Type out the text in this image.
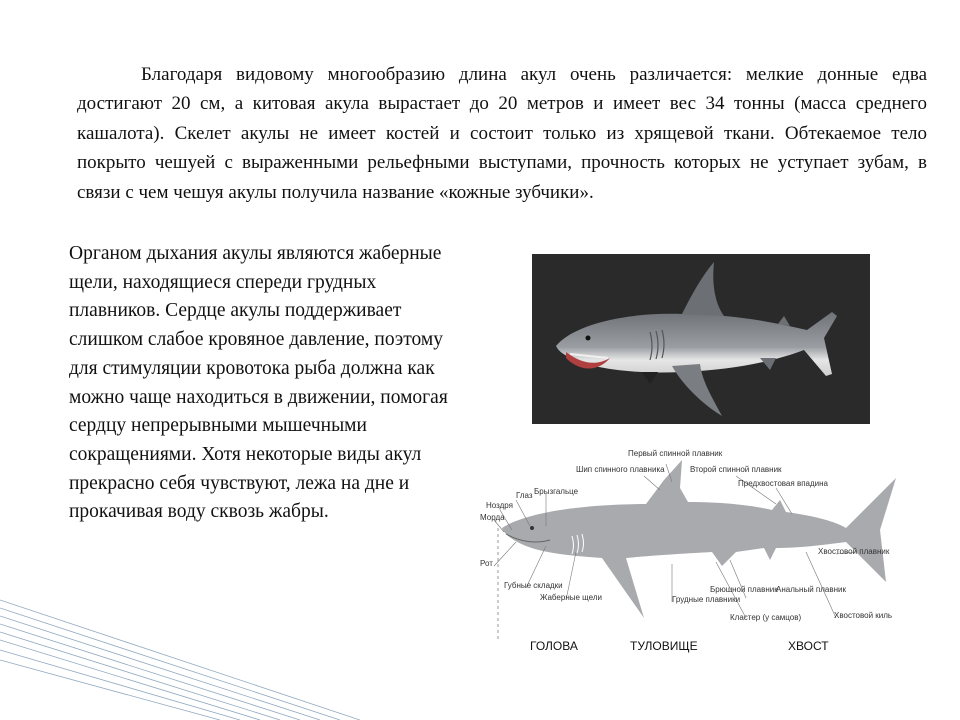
Благодаря видовому многообразию длина акул очень различается: мелкие донные едва достигают 20 см, а китовая акула вырастает до 20 метров и имеет вес 34 тонны (масса среднего кашалота). Скелет акулы не имеет костей и состоит только из хрящевой ткани. Обтекаемое тело покрыто чешуей с выраженными рельефными выступами, прочность которых не уступает зубам, в связи с чем чешуя акулы получила название «кожные зубчики».

Органом дыхания акулы являются жаберные щели, находящиеся спереди грудных плавников. Сердце акулы поддерживает слишком слабое кровяное давление, поэтому для стимуляции кровотока рыба должна как можно чаще находиться в движении, помогая сердцу непрерывными мышечными сокращениями. Хотя некоторые виды акул прекрасно себя чувствуют, лежа на дне и прокачивая воду сквозь жабры.

Первый спинной плавник
Шип спинного плавника	Второй спинной плавник
Предхвостовая впадина
Глаз Брызгальце
Ноздря
Морда
Рот
Губные складки
Жаберные щели	Грудные плавники
Брюшной плавник
Анальный плавник
Кластер (у самцов)
Хвостовой плавник
Хвостовой киль
ГОЛОВА	ТУЛОВИЩЕ	ХВОСТ
